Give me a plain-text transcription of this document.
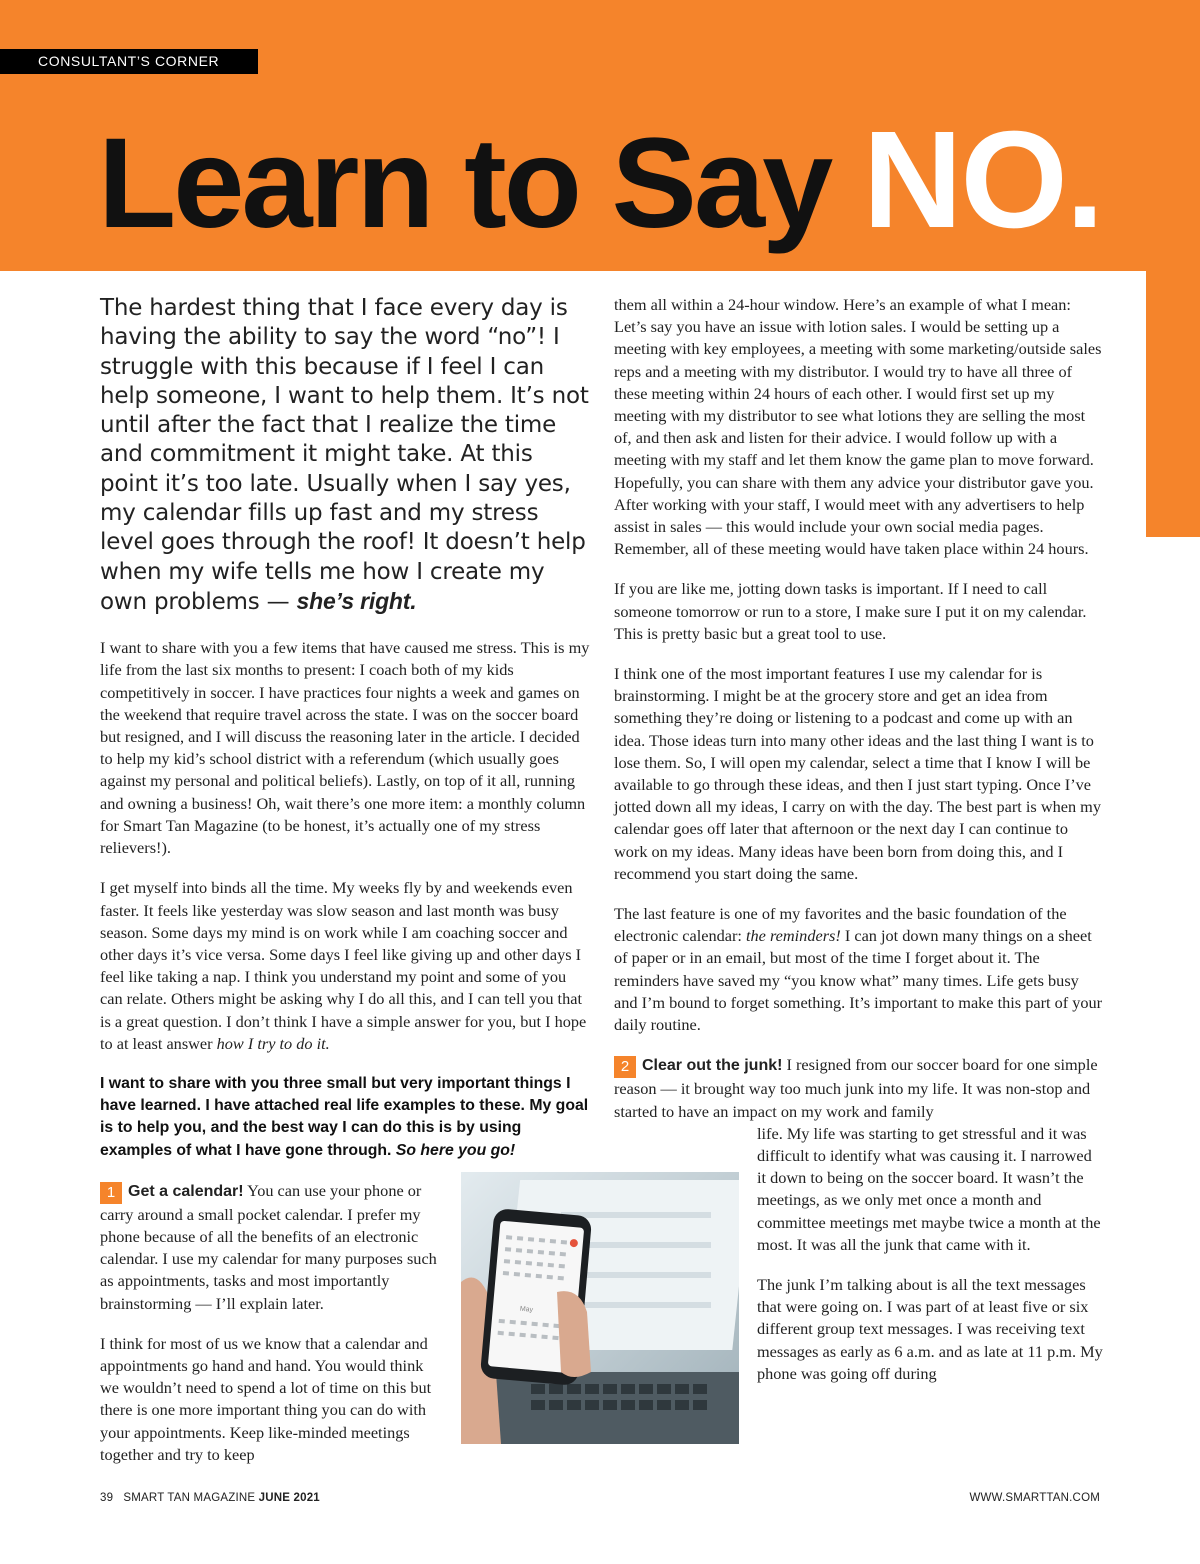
CONSULTANT’S CORNER
Learn to Say NO.

The hardest thing that I face every day is having the ability to say the word “no”! I struggle with this because if I feel I can help someone, I want to help them. It’s not until after the fact that I realize the time and commitment it might take. At this point it’s too late. Usually when I say yes, my calendar fills up fast and my stress level goes through the roof! It doesn’t help when my wife tells me how I create my own problems — she’s right.

I want to share with you a few items that have caused me stress. This is my life from the last six months to present: I coach both of my kids competitively in soccer. I have practices four nights a week and games on the weekend that require travel across the state. I was on the soccer board but resigned, and I will discuss the reasoning later in the article. I decided to help my kid’s school district with a referendum (which usually goes against my personal and political beliefs). Lastly, on top of it all, running and owning a business! Oh, wait there’s one more item: a monthly column for Smart Tan Magazine (to be honest, it’s actually one of my stress relievers!).

I get myself into binds all the time. My weeks fly by and weekends even faster. It feels like yesterday was slow season and last month was busy season. Some days my mind is on work while I am coaching soccer and other days it’s vice versa. Some days I feel like giving up and other days I feel like taking a nap. I think you understand my point and some of you can relate. Others might be asking why I do all this, and I can tell you that is a great question. I don’t think I have a simple answer for you, but I hope to at least answer how I try to do it.

I want to share with you three small but very important things I have learned. I have attached real life examples to these. My goal is to help you, and the best way I can do this is by using examples of what I have gone through. So here you go!

1 Get a calendar! You can use your phone or carry around a small pocket calendar. I prefer my phone because of all the benefits of an electronic calendar. I use my calendar for many purposes such as appointments, tasks and most importantly brainstorming — I’ll explain later.

I think for most of us we know that a calendar and appointments go hand and hand. You would think we wouldn’t need to spend a lot of time on this but there is one more important thing you can do with your appointments. Keep like-minded meetings together and try to keep

them all within a 24-hour window. Here’s an example of what I mean: Let’s say you have an issue with lotion sales. I would be setting up a meeting with key employees, a meeting with some marketing/outside sales reps and a meeting with my distributor. I would try to have all three of these meeting within 24 hours of each other. I would first set up my meeting with my distributor to see what lotions they are selling the most of, and then ask and listen for their advice. I would follow up with a meeting with my staff and let them know the game plan to move forward. Hopefully, you can share with them any advice your distributor gave you. After working with your staff, I would meet with any advertisers to help assist in sales — this would include your own social media pages. Remember, all of these meeting would have taken place within 24 hours.

If you are like me, jotting down tasks is important. If I need to call someone tomorrow or run to a store, I make sure I put it on my calendar. This is pretty basic but a great tool to use.

I think one of the most important features I use my calendar for is brainstorming. I might be at the grocery store and get an idea from something they’re doing or listening to a podcast and come up with an idea. Those ideas turn into many other ideas and the last thing I want is to lose them. So, I will open my calendar, select a time that I know I will be available to go through these ideas, and then I just start typing. Once I’ve jotted down all my ideas, I carry on with the day. The best part is when my calendar goes off later that afternoon or the next day I can continue to work on my ideas. Many ideas have been born from doing this, and I recommend you start doing the same.

The last feature is one of my favorites and the basic foundation of the electronic calendar: the reminders! I can jot down many things on a sheet of paper or in an email, but most of the time I forget about it. The reminders have saved my “you know what” many times. Life gets busy and I’m bound to forget something. It’s important to make this part of your daily routine.

2 Clear out the junk! I resigned from our soccer board for one simple reason — it brought way too much junk into my life. It was non-stop and started to have an impact on my work and family

life. My life was starting to get stressful and it was difficult to identify what was causing it. I narrowed it down to being on the soccer board. It wasn’t the meetings, as we only met once a month and committee meetings met maybe twice a month at the most. It was all the junk that came with it.

The junk I’m talking about is all the text messages that were going on. I was part of at least five or six different group text messages. I was receiving text messages as early as 6 a.m. and as late at 11 p.m. My phone was going off during

May
39 SMART TAN MAGAZINE JUNE 2021	WWW.SMARTTAN.COM
